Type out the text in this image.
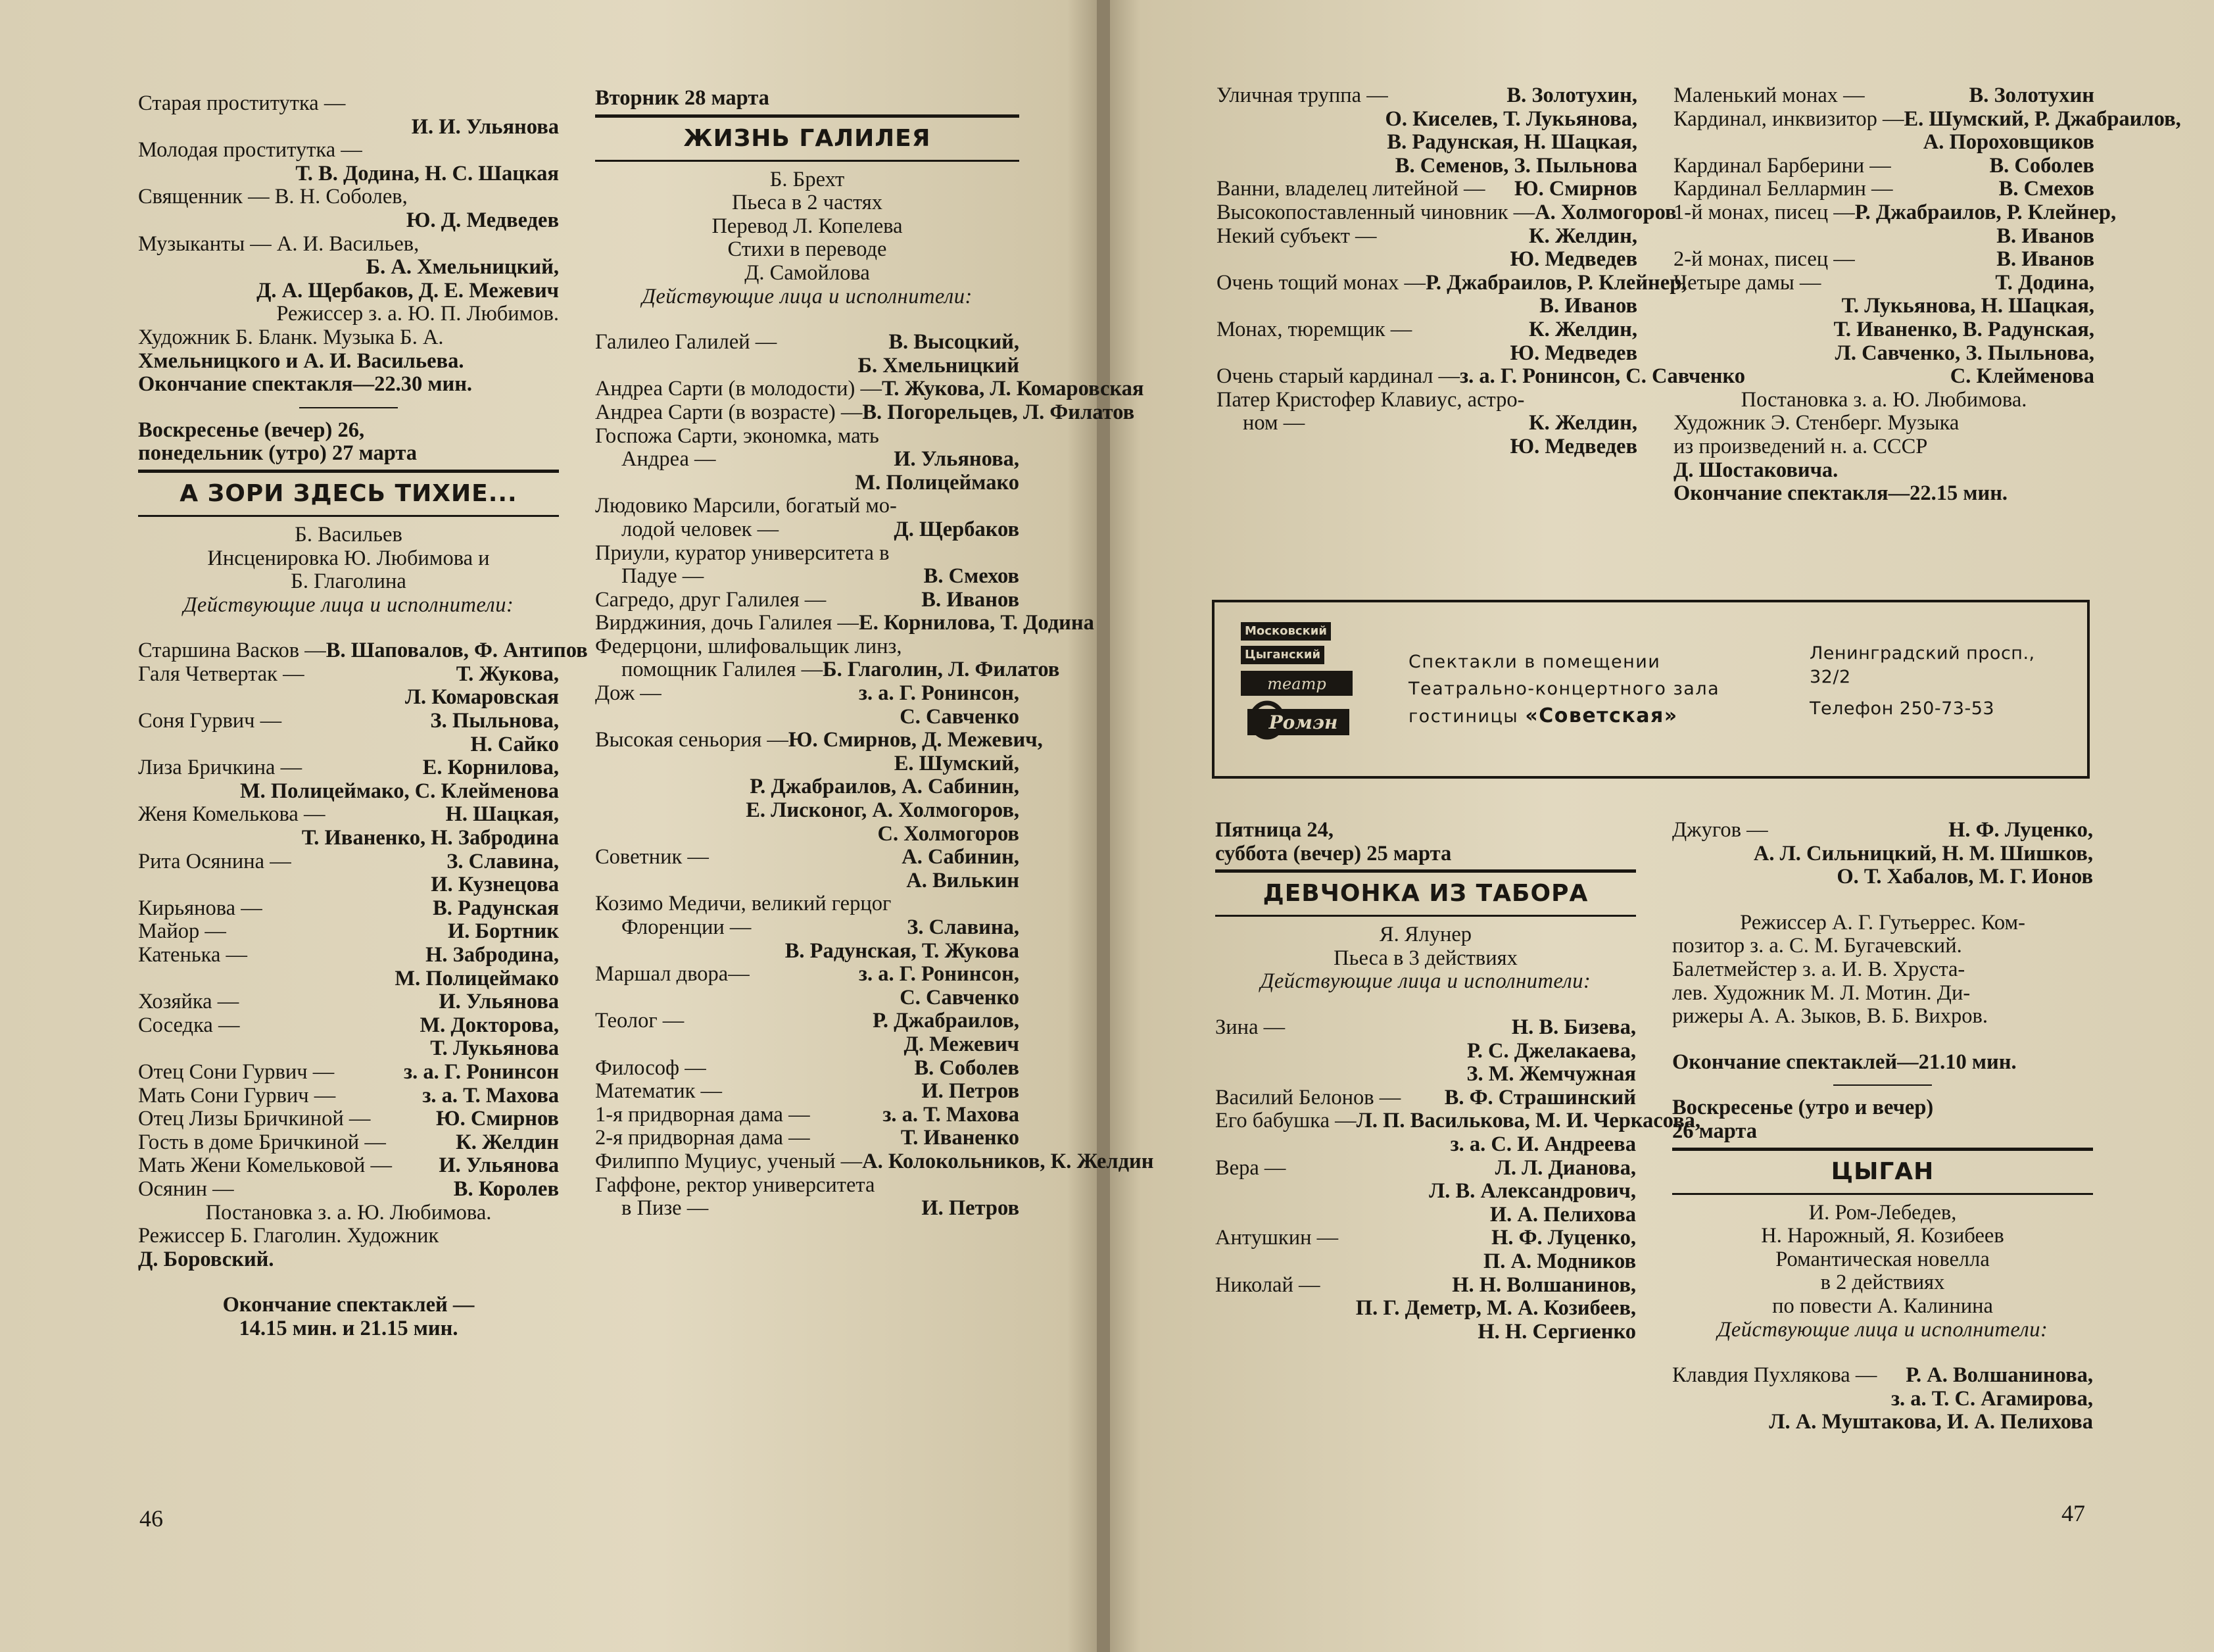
Старая проститутка —
И. И. Ульянова
Молодая проститутка —
Т. В. Додина, Н. С. Шацкая
Священник — В. Н. Соболев,
Ю. Д. Медведев
Музыканты — А. И. Васильев,
Б. А. Хмельницкий,
Д. А. Щербаков, Д. Е. Межевич
Режиссер з. а. Ю. П. Любимов.
Художник Б. Бланк. Музыка Б. А.
Хмельницкого и А. И. Васильева.
Окончание спектакля—22.30 мин.
Воскресенье (вечер) 26,
понедельник (утро) 27 марта
А ЗОРИ ЗДЕСЬ ТИХИЕ...
Б. Васильев
Инсценировка Ю. Любимова и
Б. Глаголина
Действующие лица и исполнители:
Старшина Васков — В. Шаповалов, Ф. Антипов
Галя Четвертак —	Т. Жукова,
Л. Комаровская
Соня Гурвич —	З. Пыльнова,
Н. Сайко
Лиза Бричкина —	Е. Корнилова,
М. Полицеймако, С. Клейменова
Женя Комелькова —	Н. Шацкая,
Т. Иваненко, Н. Забродина
Рита Осянина —	З. Славина,
И. Кузнецова
Кирьянова —	В. Радунская
Майор —	И. Бортник
Катенька —	Н. Забродина,
М. Полицеймако
Хозяйка —	И. Ульянова
Соседка —	М. Докторова,
Т. Лукьянова
Отец Сони Гурвич —	з. а. Г. Ронинсон
Мать Сони Гурвич —	з. а. Т. Махова
Отец Лизы Бричкиной —	Ю. Смирнов
Гость в доме Бричкиной —	К. Желдин
Мать Жени Комельковой — И. Ульянова
Осянин —	В. Королев
Постановка з. а. Ю. Любимова.
Режиссер Б. Глаголин. Художник
Д. Боровский.
Окончание спектаклей —
14.15 мин. и 21.15 мин.
Вторник 28 марта
ЖИЗНЬ ГАЛИЛЕЯ
Б. Брехт
Пьеса в 2 частях
Перевод Л. Копелева
Стихи в переводе
Д. Самойлова
Действующие лица и исполнители:
Галилео Галилей —	В. Высоцкий,
Б. Хмельницкий
Андреа Сарти (в молодости) — Т. Жукова, Л. Комаровская
Андреа Сарти (в возрасте) — В. Погорельцев, Л. Филатов
Госпожа Сарти, экономка, мать
Андреа —	И. Ульянова,
М. Полицеймако
Людовико Марсили, богатый мо-
лодой человек —	Д. Щербаков
Приули, куратор университета в
Падуе —	В. Смехов
Сагредо, друг Галилея —	В. Иванов
Вирджиния, дочь Галилея — Е. Корнилова, Т. Додина
Федерцони, шлифовальщик линз,
помощник Галилея — Б. Глаголин, Л. Филатов
Дож —	з. а. Г. Ронинсон,
С. Савченко
Высокая сеньория — Ю. Смирнов, Д. Межевич,
Е. Шумский,
Р. Джабраилов, А. Сабинин,
Е. Лисконог, А. Холмогоров,
С. Холмогоров
Советник —	А. Сабинин,
А. Вилькин
Козимо Медичи, великий герцог
Флоренции —	З. Славина,
В. Радунская, Т. Жукова
Маршал двора—	з. а. Г. Ронинсон,
С. Савченко
Теолог —	Р. Джабраилов,
Д. Межевич
Философ —	В. Соболев
Математик —	И. Петров
1-я придворная дама —	з. а. Т. Махова
2-я придворная дама —	Т. Иваненко
Филиппо Муциус, ученый — А. Колокольников, К. Желдин
Гаффоне, ректор университета
в Пизе —	И. Петров
Уличная труппа —	В. Золотухин,
О. Киселев, Т. Лукьянова,
В. Радунская, Н. Шацкая,
В. Семенов, З. Пыльнова
Ванни, владелец литейной — Ю. Смирнов
Высокопоставленный чиновник — А. Холмогоров
Некий субъект —	К. Желдин,
Ю. Медведев
Очень тощий монах — Р. Джабраилов, Р. Клейнер,
В. Иванов
Монах, тюремщик —	К. Желдин,
Ю. Медведев
Очень старый кардинал — з. а. Г. Ронинсон, С. Савченко
Патер Кристофер Клавиус, астро-
ном —	К. Желдин,
Ю. Медведев
Маленький монах —	В. Золотухин
Кардинал, инквизитор — Е. Шумский, Р. Джабраилов,
А. Пороховщиков
Кардинал Барберини —	В. Соболев
Кардинал Беллармин —	В. Смехов
1-й монах, писец — Р. Джабраилов, Р. Клейнер,
В. Иванов
2-й монах, писец —	В. Иванов
Четыре дамы —	Т. Додина,
Т. Лукьянова, Н. Шацкая,
Т. Иваненко, В. Радунская,
Л. Савченко, З. Пыльнова,
С. Клейменова
Постановка з. а. Ю. Любимова.
Художник Э. Стенберг. Музыка
из произведений н. а. СССР
Д. Шостаковича.
Окончание спектакля—22.15 мин.
Пятница 24,
суббота (вечер) 25 марта
ДЕВЧОНКА ИЗ ТАБОРА
Я. Ялунер
Пьеса в 3 действиях
Действующие лица и исполнители:
Зина —	Н. В. Бизева,
Р. С. Джелакаева,
З. М. Жемчужная
Василий Белонов — В. Ф. Страшинский
Его бабушка — Л. П. Василькова, М. И. Черкасова,
з. а. С. И. Андреева
Вера —	Л. Л. Дианова,
Л. В. Александрович,
И. А. Пелихова
Антушкин —	Н. Ф. Луценко,
П. А. Модников
Николай —	Н. Н. Волшанинов,
П. Г. Деметр, М. А. Козибеев,
Н. Н. Сергиенко
Джугов —	Н. Ф. Луценко,
А. Л. Сильницкий, Н. М. Шишков,
О. Т. Хабалов, М. Г. Ионов
Режиссер А. Г. Гутьеррес. Ком-
позитор з. а. С. М. Бугачевский.
Балетмейстер з. а. И. В. Хруста-
лев. Художник М. Л. Мотин. Ди-
рижеры А. А. Зыков, В. Б. Вихров.
Окончание спектаклей—21.10 мин.
Воскресенье (утро и вечер)
26 марта
ЦЫГАН
И. Ром-Лебедев,
Н. Нарожный, Я. Козибеев
Романтическая новелла
в 2 действиях
по повести А. Калинина
Действующие лица и исполнители:
Клавдия Пухлякова — Р. А. Волшанинова,
з. а. Т. С. Агамирова,
Л. А. Муштакова, И. А. Пелихова
Московский
Цыганский
театр
Ромэн
Спектакли в помещении
Театрально-концертного зала
гостиницы «Советская»
Ленинградский просп.,
32/2
Телефон 250-73-53
46	47
